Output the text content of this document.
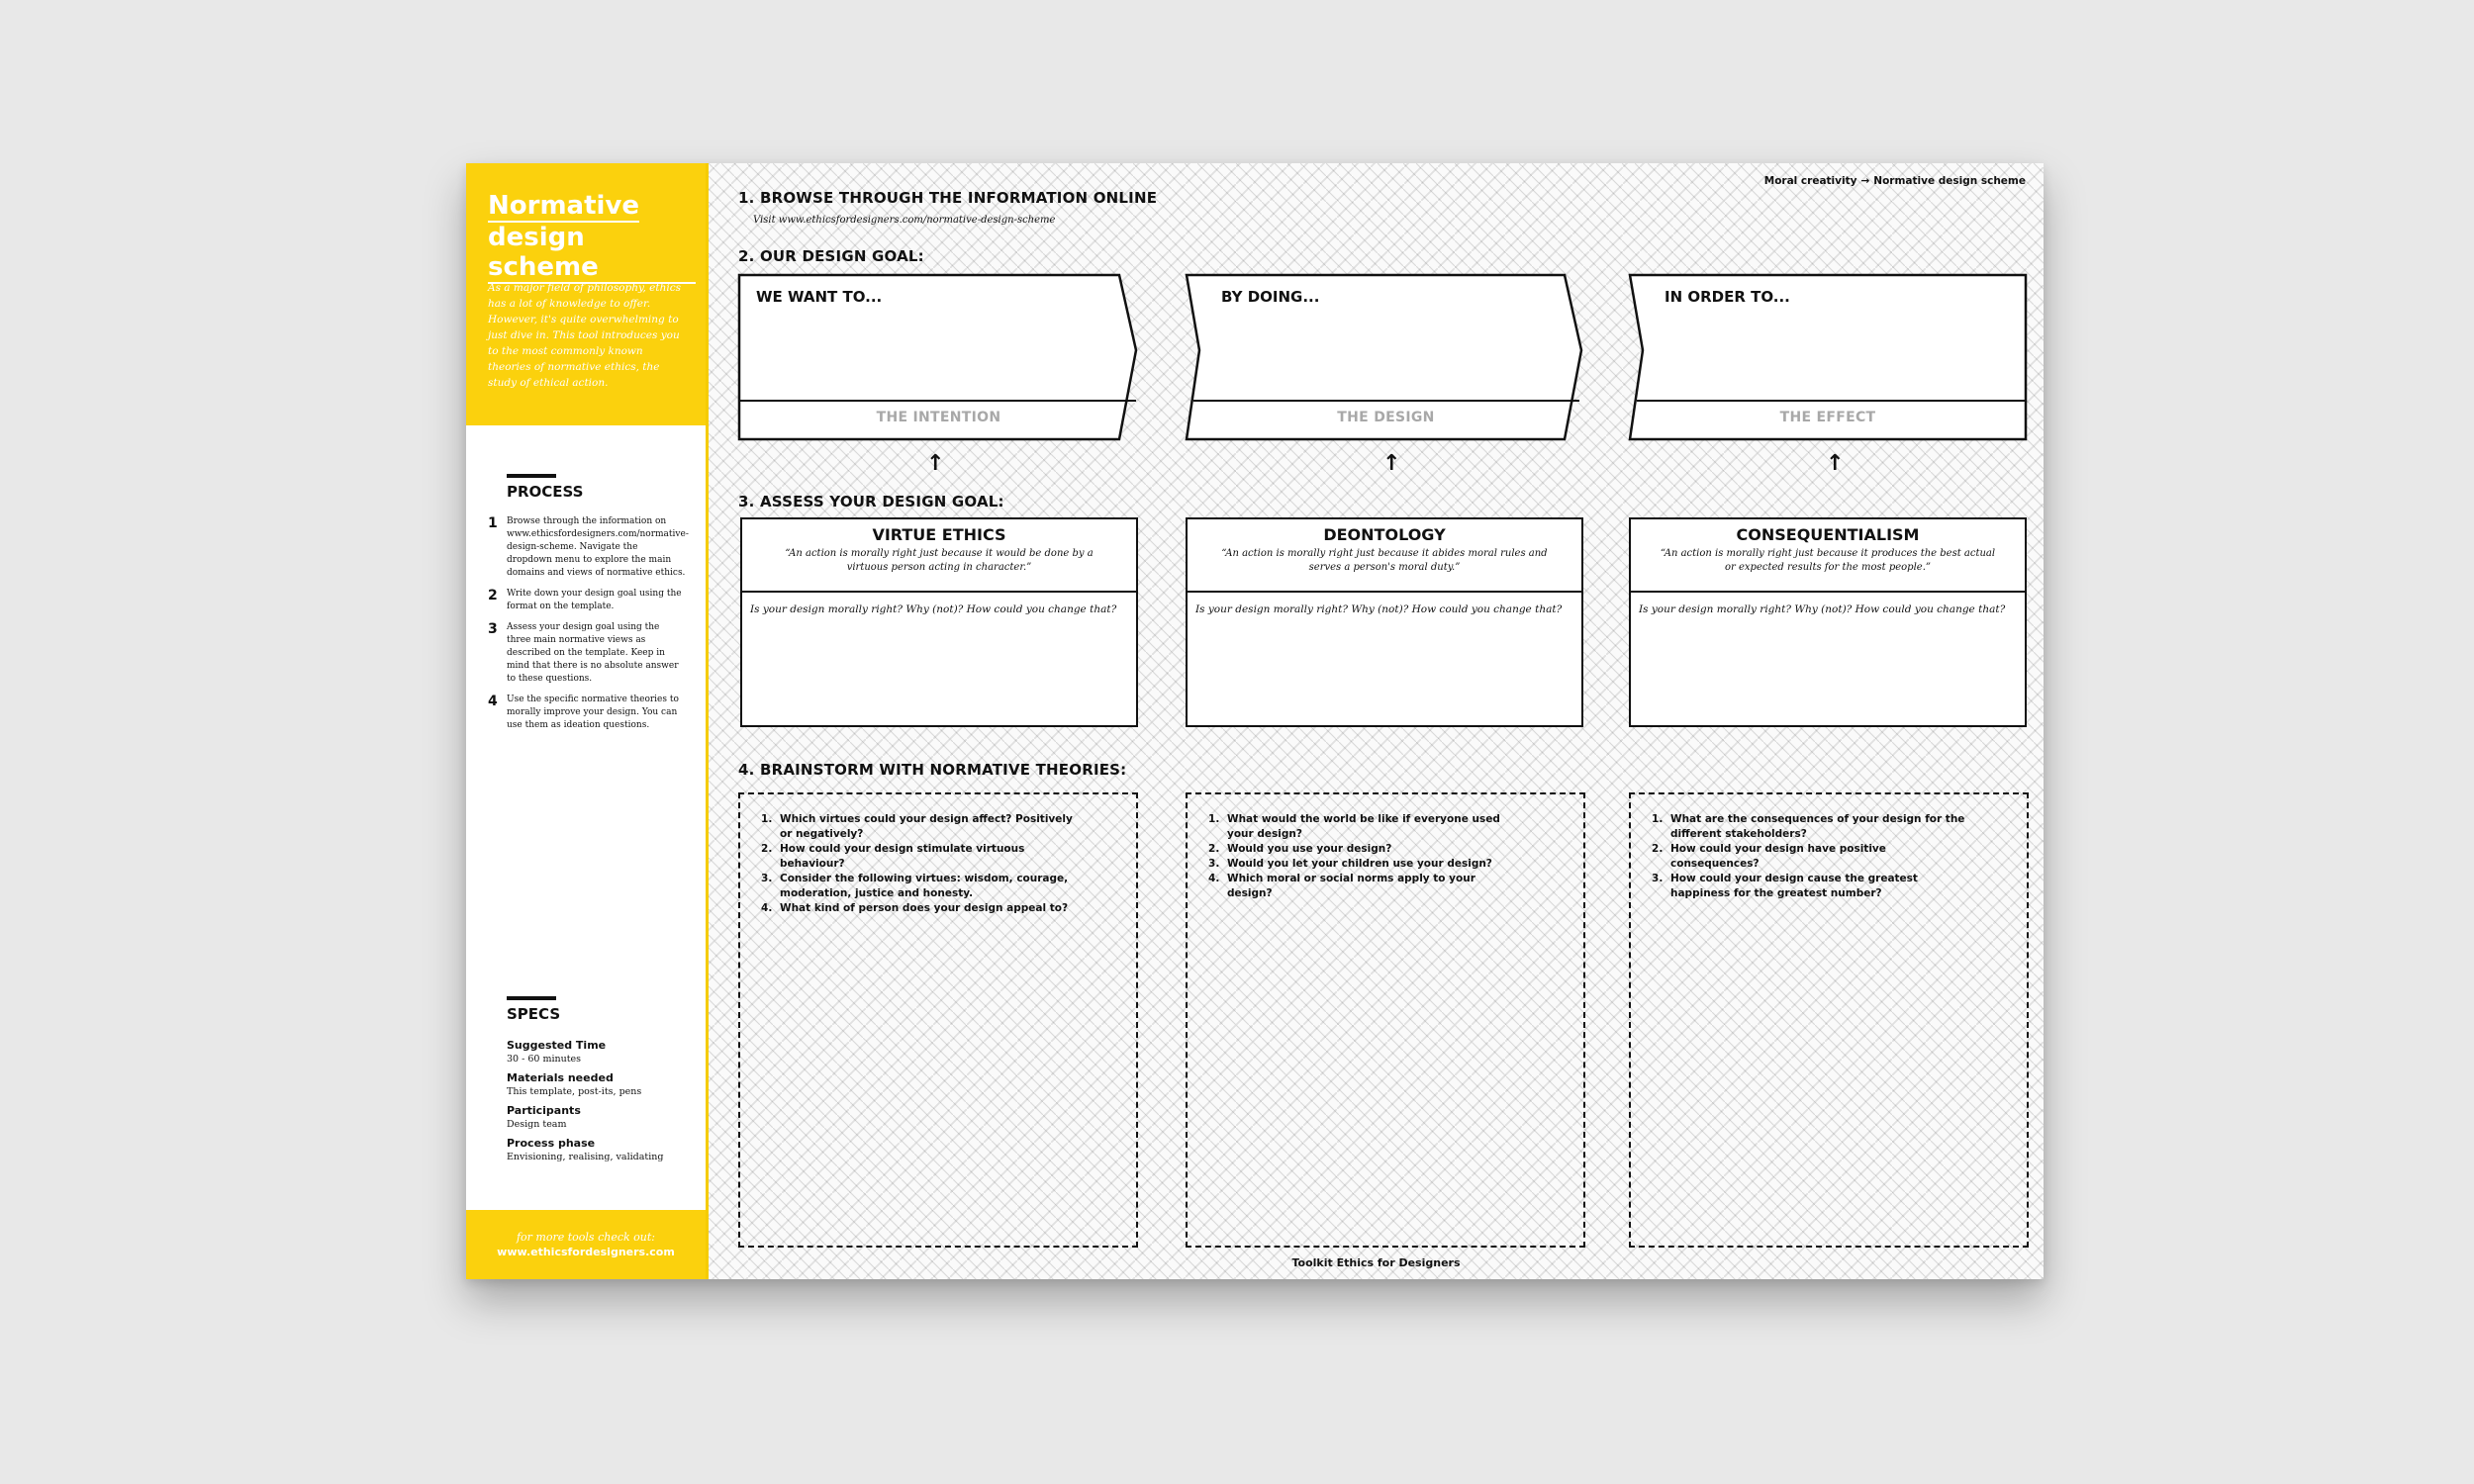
Normative
design scheme
As a major field of philosophy, ethics has a lot of knowledge to offer. However, it's quite overwhelming to just dive in. This tool introduces you to the most commonly known theories of normative ethics, the study of ethical action.
PROCESS
1 Browse through the information on www.ethicsfordesigners.com/normative-design-scheme. Navigate the dropdown menu to explore the main domains and views of normative ethics.
2 Write down your design goal using the format on the template.
3 Assess your design goal using the three main normative views as described on the template. Keep in mind that there is no absolute answer to these questions.
4 Use the specific normative theories to morally improve your design. You can use them as ideation questions.
SPECS
Suggested Time
30 - 60 minutes
Materials needed
This template, post-its, pens
Participants
Design team
Process phase
Envisioning, realising, validating
for more tools check out:
www.ethicsfordesigners.com
1. BROWSE THROUGH THE INFORMATION ONLINE
Visit www.ethicsfordesigners.com/normative-design-scheme
Moral creativity → Normative design scheme
2. OUR DESIGN GOAL:
WE WANT TO...
THE INTENTION
BY DOING...
THE DESIGN
IN ORDER TO...
THE EFFECT
↑	↑	↑
3. ASSESS YOUR DESIGN GOAL:
VIRTUE ETHICS
“An action is morally right just because it would be done by a virtuous person acting in character.”
Is your design morally right? Why (not)? How could you change that?
DEONTOLOGY
“An action is morally right just because it abides moral rules and serves a person's moral duty.”
Is your design morally right? Why (not)? How could you change that?
CONSEQUENTIALISM
“An action is morally right just because it produces the best actual or expected results for the most people.”
Is your design morally right? Why (not)? How could you change that?
4. BRAINSTORM WITH NORMATIVE THEORIES:
1. Which virtues could your design affect? Positively or negatively?
2. How could your design stimulate virtuous behaviour?
3. Consider the following virtues: wisdom, courage, moderation, justice and honesty.
4. What kind of person does your design appeal to?
1. What would the world be like if everyone used your design?
2. Would you use your design?
3. Would you let your children use your design?
4. Which moral or social norms apply to your design?
1. What are the consequences of your design for the different stakeholders?
2. How could your design have positive consequences?
3. How could your design cause the greatest happiness for the greatest number?
Toolkit Ethics for Designers
